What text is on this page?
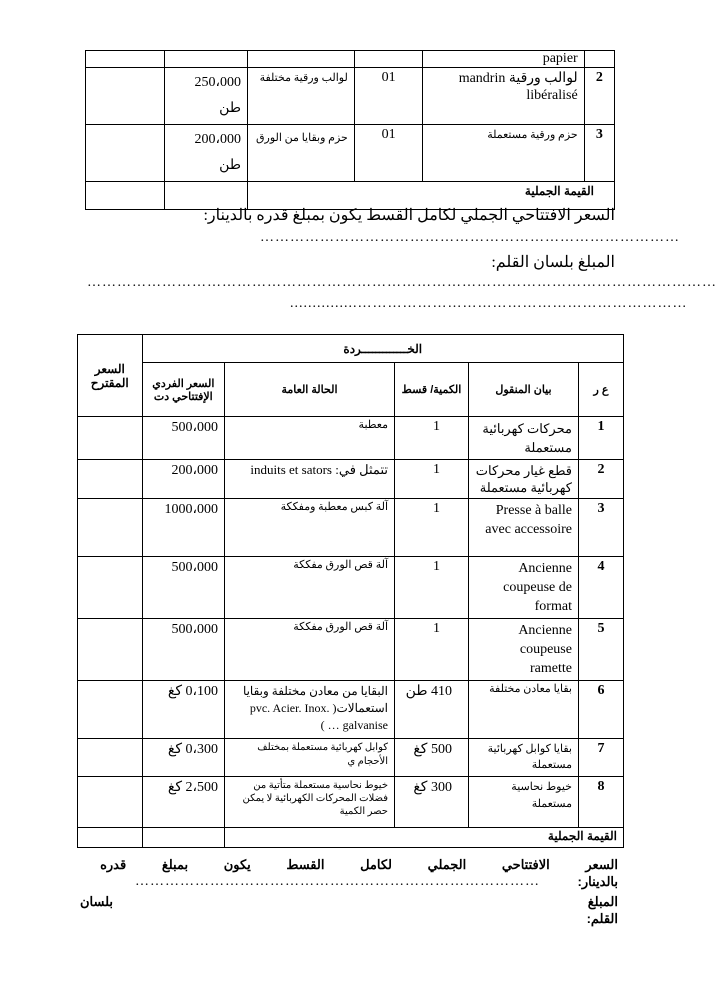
				papier	
	250،000 طن	لوالب ورقية مختلفة	01	لوالب ورقية mandrin libéralisé	2
	200،000 طن	حزم وبقايا من الورق	01	حزم ورقية مستعملة	3
		القيمة الجملية			
السعر الافتتاحي الجملي لكامل القسط يكون بمبلغ قدره بالدينار:
…………………………………………………………………………
المبلغ بلسان القلم:
………………………………………………………………………………………………………………
...............…………………………………………………………
السعر المقترح	الخـــــــــــــردة				
	السعر الفردي الإفتتاحي دت	الحالة العامة	الكمية/ قسط	بيان المنقول	ع ر
	500،000	معطبة	1	محركات كهربائية مستعملة	1
	200،000	تتمثل في: induits et sators	1	قطع غيار محركات كهربائية مستعملة	2
	1000،000	آلة كبس معطبة ومفككة	1	Presse à balle avec accessoire	3
	500،000	آلة قص الورق مفككة	1	Ancienne coupeuse de format	4
	500،000	آلة قص الورق مفككة	1	Ancienne coupeuse ramette	5
	0،100 كغ	البقايا من معادن مختلفة وبقايا استعمالات( pvc. Acier. Inox. galvanise … )	410 طن	بقايا معادن مختلفة	6
	0،300 كغ	كوابل كهربائية مستعملة بمختلف الأحجام ي	500 كغ	بقايا كوابل كهربائية مستعملة	7
	2،500 كغ	خيوط نحاسية مستعملة متأتية من فضلات المحركات الكهربائية لا يمكن حصر الكمية	300 كغ	خيوط نحاسية مستعملة	8
		القيمة الجملية			
السعر
الافتتاحي
الجملي
لكامل
القسط
يكون
بمبلغ
قدره
بالدينار:
………………………………………………………………………
المبلغ
بلسان
القلم:
